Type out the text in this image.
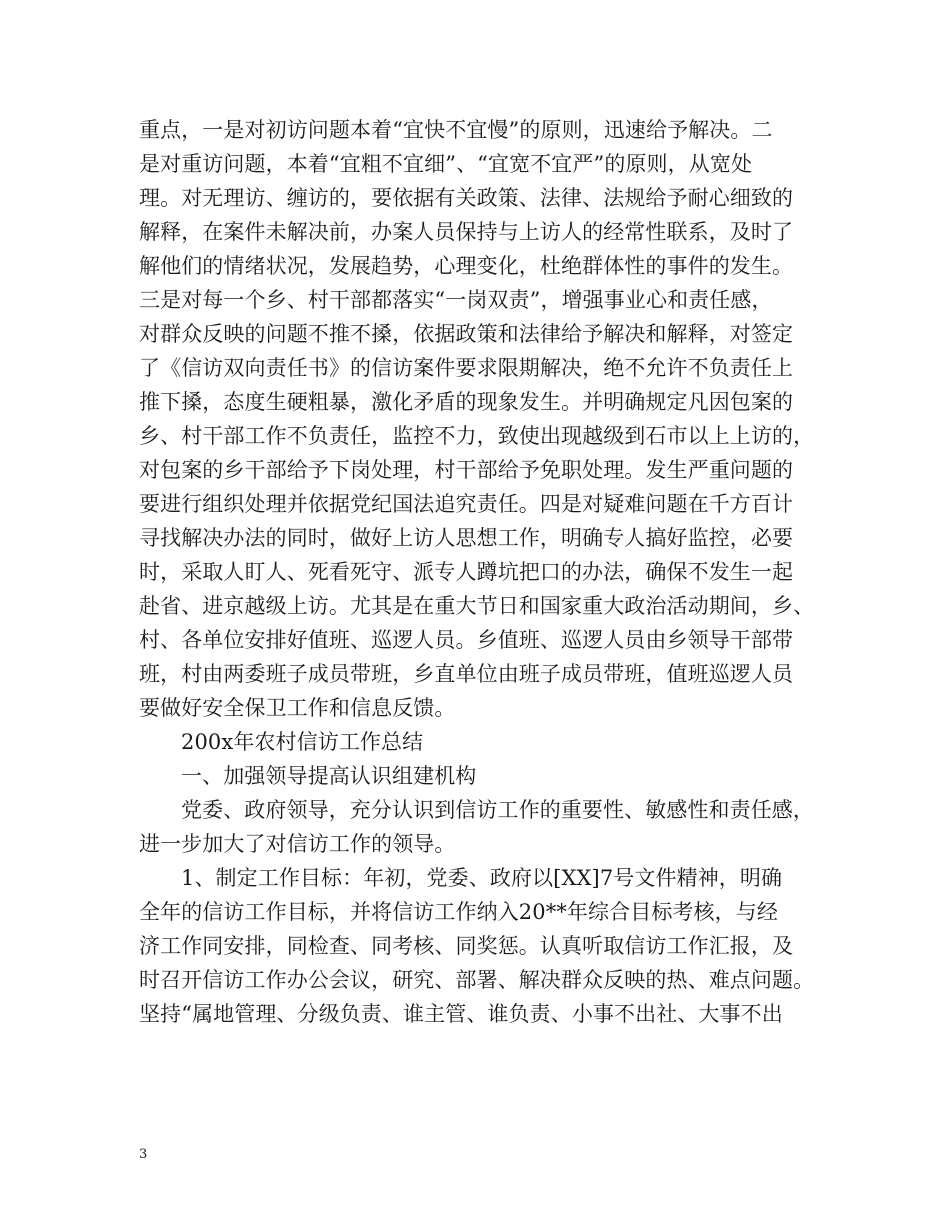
重点，一是对初访问题本着“宜快不宜慢”的原则，迅速给予解决。二
是对重访问题，本着“宜粗不宜细”、“宜宽不宜严”的原则，从宽处
理。对无理访、缠访的，要依据有关政策、法律、法规给予耐心细致的
解释，在案件未解决前，办案人员保持与上访人的经常性联系，及时了
解他们的情绪状况，发展趋势，心理变化，杜绝群体性的事件的发生。
三是对每一个乡、村干部都落实“一岗双责”，增强事业心和责任感，
对群众反映的问题不推不搡，依据政策和法律给予解决和解释，对签定
了《信访双向责任书》的信访案件要求限期解决，绝不允许不负责任上
推下搡，态度生硬粗暴，激化矛盾的现象发生。并明确规定凡因包案的
乡、村干部工作不负责任，监控不力，致使出现越级到石市以上上访的，
对包案的乡干部给予下岗处理，村干部给予免职处理。发生严重问题的
要进行组织处理并依据党纪国法追究责任。四是对疑难问题在千方百计
寻找解决办法的同时，做好上访人思想工作，明确专人搞好监控，必要
时，采取人盯人、死看死守、派专人蹲坑把口的办法，确保不发生一起
赴省、进京越级上访。尤其是在重大节日和国家重大政治活动期间，乡、
村、各单位安排好值班、巡逻人员。乡值班、巡逻人员由乡领导干部带
班，村由两委班子成员带班，乡直单位由班子成员带班，值班巡逻人员
要做好安全保卫工作和信息反馈。
200x年农村信访工作总结
一、加强领导提高认识组建机构
党委、政府领导，充分认识到信访工作的重要性、敏感性和责任感，
进一步加大了对信访工作的领导。
1、制定工作目标：年初，党委、政府以[XX]7号文件精神，明确
全年的信访工作目标，并将信访工作纳入20**年综合目标考核，与经
济工作同安排，同检查、同考核、同奖惩。认真听取信访工作汇报，及
时召开信访工作办公会议，研究、部署、解决群众反映的热、难点问题。
坚持“属地管理、分级负责、谁主管、谁负责、小事不出社、大事不出
3
